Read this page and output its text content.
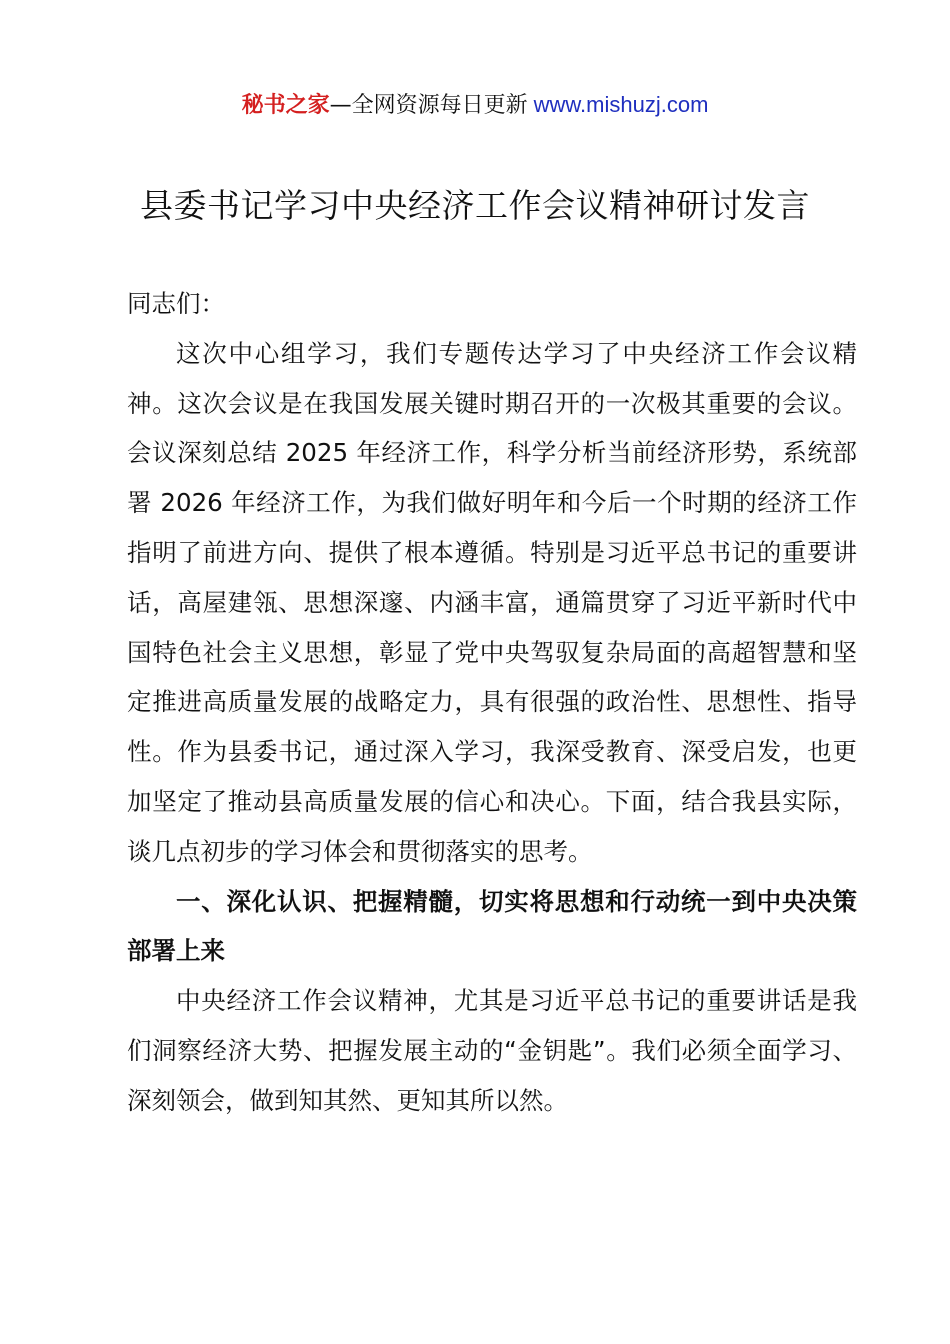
秘书之家—全网资源每日更新 www.mishuzj.com
县委书记学习中央经济工作会议精神研讨发言

同志们：

这次中心组学习，我们专题传达学习了中央经济工作会议精神。这次会议是在我国发展关键时期召开的一次极其重要的会议。会议深刻总结 2025 年经济工作，科学分析当前经济形势，系统部署 2026 年经济工作，为我们做好明年和今后一个时期的经济工作指明了前进方向、提供了根本遵循。特别是习近平总书记的重要讲话，高屋建瓴、思想深邃、内涵丰富，通篇贯穿了习近平新时代中国特色社会主义思想，彰显了党中央驾驭复杂局面的高超智慧和坚定推进高质量发展的战略定力，具有很强的政治性、思想性、指导性。作为县委书记，通过深入学习，我深受教育、深受启发，也更加坚定了推动县高质量发展的信心和决心。下面，结合我县实际，谈几点初步的学习体会和贯彻落实的思考。

一、深化认识、把握精髓，切实将思想和行动统一到中央决策部署上来

中央经济工作会议精神，尤其是习近平总书记的重要讲话是我们洞察经济大势、把握发展主动的“金钥匙”。我们必须全面学习、深刻领会，做到知其然、更知其所以然。
